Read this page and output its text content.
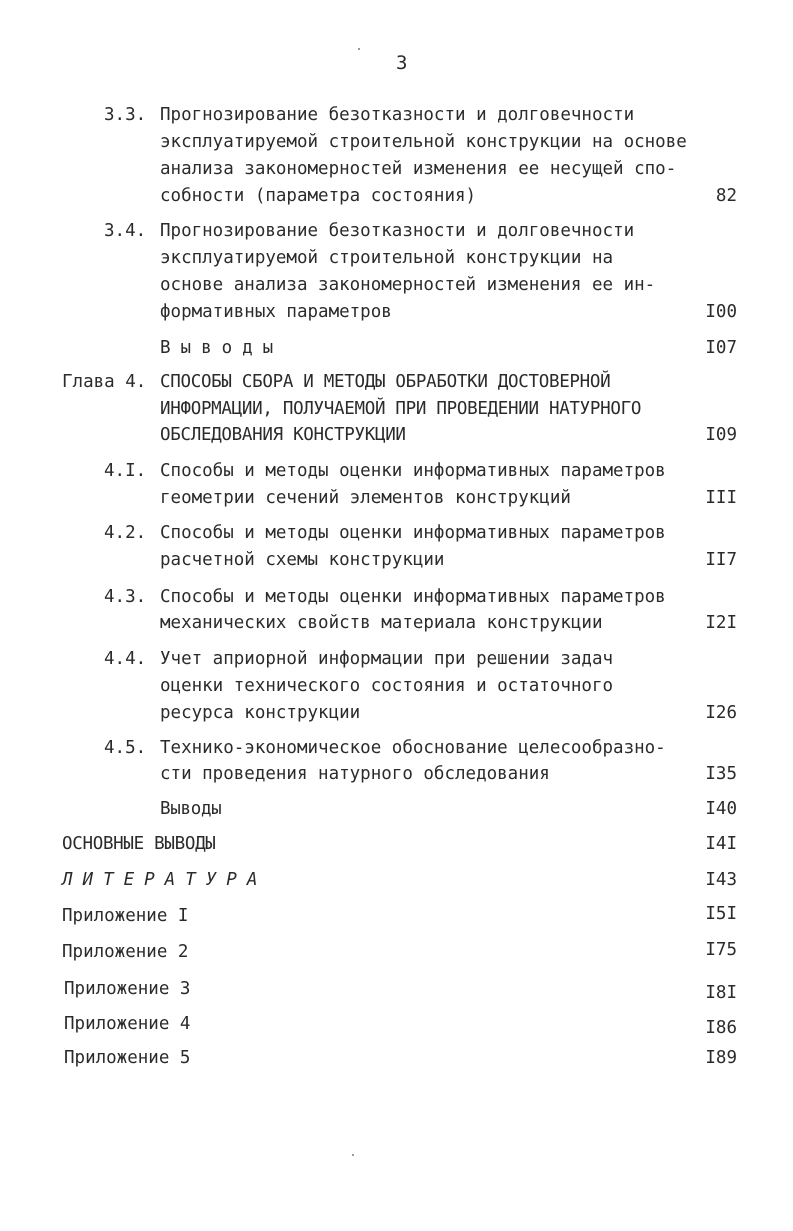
3
3.3. Прогнозирование безотказности и долговечности
эксплуатируемой строительной конструкции на основе
анализа закономерностей изменения ее несущей спо-
собности (параметра состояния)	82
3.4. Прогнозирование безотказности и долговечности
эксплуатируемой строительной конструкции на
основе анализа закономерностей изменения ее ин-
формативных параметров	I00
Выводы	I07
Глава 4. СПОСОБЫ СБОРА И МЕТОДЫ ОБРАБОТКИ ДОСТОВЕРНОЙ
ИНФОРМАЦИИ, ПОЛУЧАЕМОЙ ПРИ ПРОВЕДЕНИИ НАТУРНОГО
ОБСЛЕДОВАНИЯ КОНСТРУКЦИИ	I09
4.I. Способы и методы оценки информативных параметров
геометрии сечений элементов конструкций	III
4.2. Способы и методы оценки информативных параметров
расчетной схемы конструкции	II7
4.3. Способы и методы оценки информативных параметров
механических свойств материала конструкции	I2I
4.4. Учет априорной информации при решении задач
оценки технического состояния и остаточного
ресурса конструкции	I26
4.5. Технико-экономическое обоснование целесообразно-
сти проведения натурного обследования	I35
Выводы	I40
ОСНОВНЫЕ ВЫВОДЫ	I4I
ЛИТЕРАТУРА	I43
Приложение I	I5I
Приложение 2	I75
Приложение 3	I8I
Приложение 4	I86
Приложение 5	I89
